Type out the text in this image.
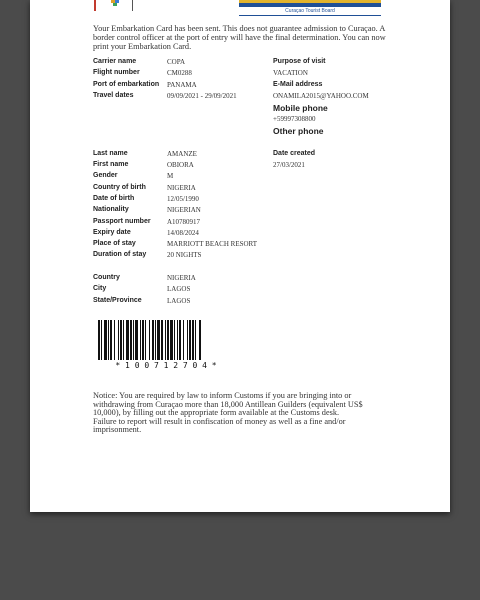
Curaçao Tourist Board
Your Embarkation Card has been sent. This does not guarantee admission to Curaçao. A border control officer at the port of entry will have the final determination. You can now print your Embarkation Card.
Carrier name	COPA
Flight number	CM0288
Port of embarkation PANAMA
Travel dates	09/09/2021 - 29/09/2021
Purpose of visit
VACATION
E-Mail address
ONAMILA2015@YAHOO.COM
Mobile phone
+59997308800
Other phone
Last name	AMANZE
First name	OBIORA
Gender	M
Country of birth	NIGERIA
Date of birth	12/05/1990
Nationality	NIGERIAN
Passport number A10780917
Expiry date	14/08/2024
Place of stay	MARRIOTT BEACH RESORT
Duration of stay	20 NIGHTS
Date created
27/03/2021
Country	NIGERIA
City	LAGOS
State/Province	LAGOS
* 1 0 0 7 1 2 7 0 4 *
Notice: You are required by law to inform Customs if you are bringing into or withdrawing from Curaçao more than 18,000 Antillean Guilders (equivalent US$ 10,000), by filling out the appropriate form available at the Customs desk.
Failure to report will result in confiscation of money as well as a fine and/or imprisonment.
